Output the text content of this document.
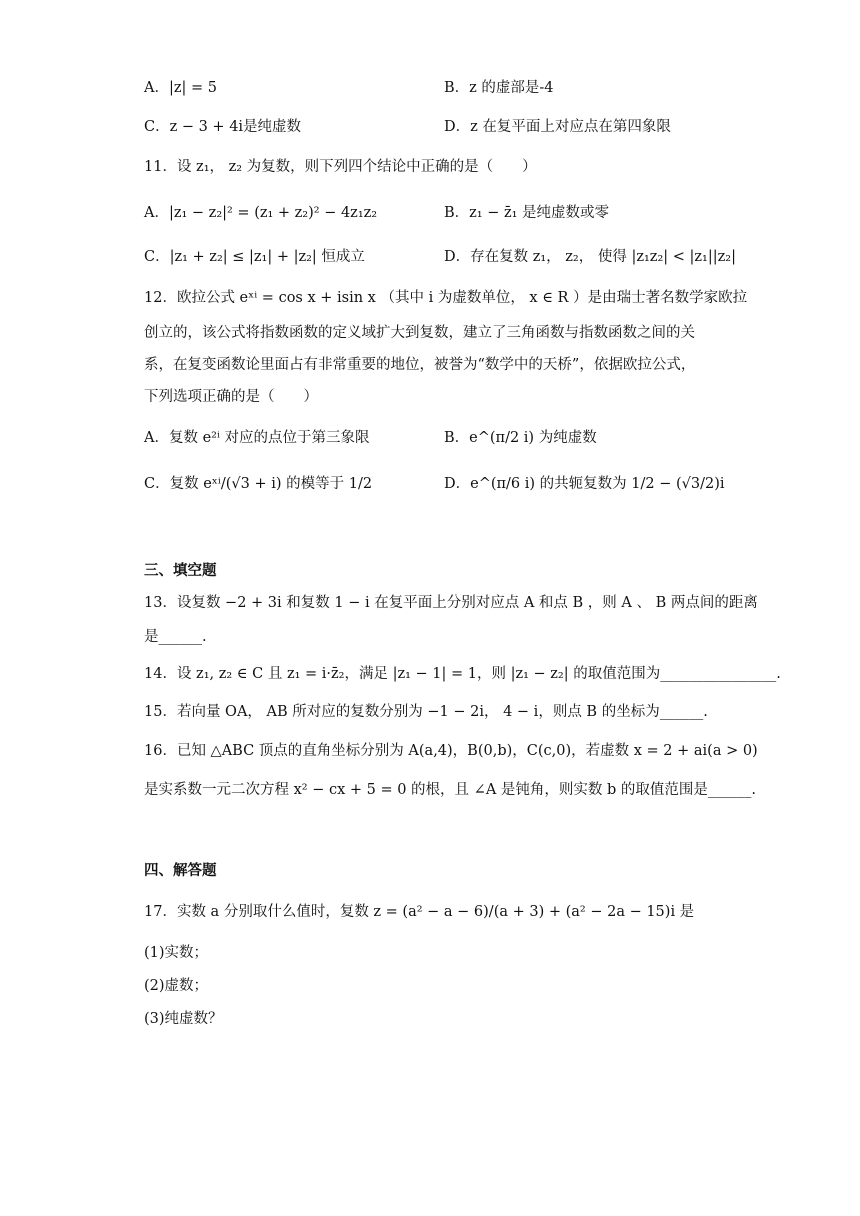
A．|z| = 5	B．z 的虚部是-4
C．z − 3 + 4i是纯虚数	D．z 在复平面上对应点在第四象限
11．设 z₁， z₂ 为复数，则下列四个结论中正确的是（　　）
A．|z₁ − z₂|² = (z₁ + z₂)² − 4z₁z₂	B．z₁ − z̄₁ 是纯虚数或零
C．|z₁ + z₂| ≤ |z₁| + |z₂| 恒成立	D．存在复数 z₁， z₂， 使得 |z₁z₂| < |z₁||z₂|
12．欧拉公式 eˣⁱ = cos x + isin x （其中 i 为虚数单位， x ∈ R ）是由瑞士著名数学家欧拉
创立的，该公式将指数函数的定义域扩大到复数，建立了三角函数与指数函数之间的关
系，在复变函数论里面占有非常重要的地位，被誉为“数学中的天桥”，依据欧拉公式，
下列选项正确的是（　　）
A．复数 e²ⁱ 对应的点位于第三象限	B．e^(π/2 i) 为纯虚数
C．复数 eˣⁱ/(√3 + i) 的模等于 1/2	D．e^(π/6 i) 的共轭复数为 1/2 − (√3/2)i
三、填空题
13．设复数 −2 + 3i 和复数 1 − i 在复平面上分别对应点 A 和点 B ，则 A 、 B 两点间的距离
是______.
14．设 z₁, z₂ ∈ C 且 z₁ = i·z̄₂，满足 |z₁ − 1| = 1，则 |z₁ − z₂| 的取值范围为________________.
15．若向量 OA， AB 所对应的复数分别为 −1 − 2i， 4 − i，则点 B 的坐标为______.
16．已知 △ABC 顶点的直角坐标分别为 A(a,4)，B(0,b)，C(c,0)，若虚数 x = 2 + ai(a > 0)
是实系数一元二次方程 x² − cx + 5 = 0 的根，且 ∠A 是钝角，则实数 b 的取值范围是______.
四、解答题
17．实数 a 分别取什么值时，复数 z = (a² − a − 6)/(a + 3) + (a² − 2a − 15)i 是
(1)实数；
(2)虚数；
(3)纯虚数？
